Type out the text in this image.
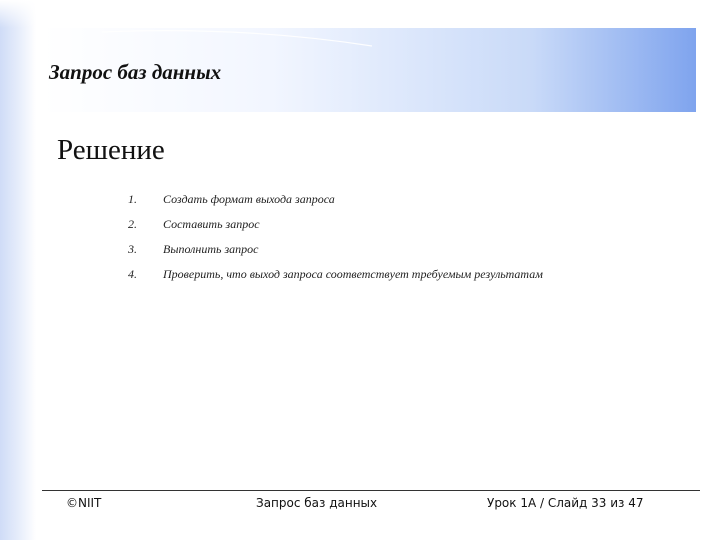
Запрос баз данных
Решение
1.	Создать формат выхода запроса
2.	Составить запрос
3.	Выполнить запрос
4.	Проверить, что выход запроса соответствует требуемым результатам
©NIIT	Запрос баз данных	Урок 1А / Слайд 33 из 47
